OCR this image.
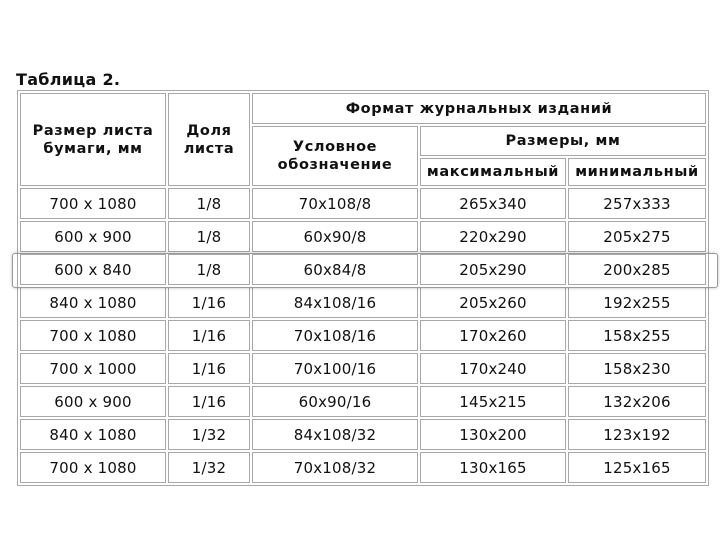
Таблица 2.
Размер листа бумаги, мм	Доля листа	Формат журнальных изданий		
		Условное обозначение	Размеры, мм	
			максимальный	минимальный
700 х 1080	1/8	70х108/8	265х340	257х333
600 х 900	1/8	60х90/8	220х290	205х275
600 х 840	1/8	60х84/8	205х290	200х285
840 х 1080	1/16	84х108/16	205х260	192х255
700 х 1080	1/16	70х108/16	170х260	158х255
700 х 1000	1/16	70х100/16	170х240	158х230
600 х 900	1/16	60х90/16	145х215	132х206
840 х 1080	1/32	84х108/32	130х200	123х192
700 х 1080	1/32	70х108/32	130х165	125х165
